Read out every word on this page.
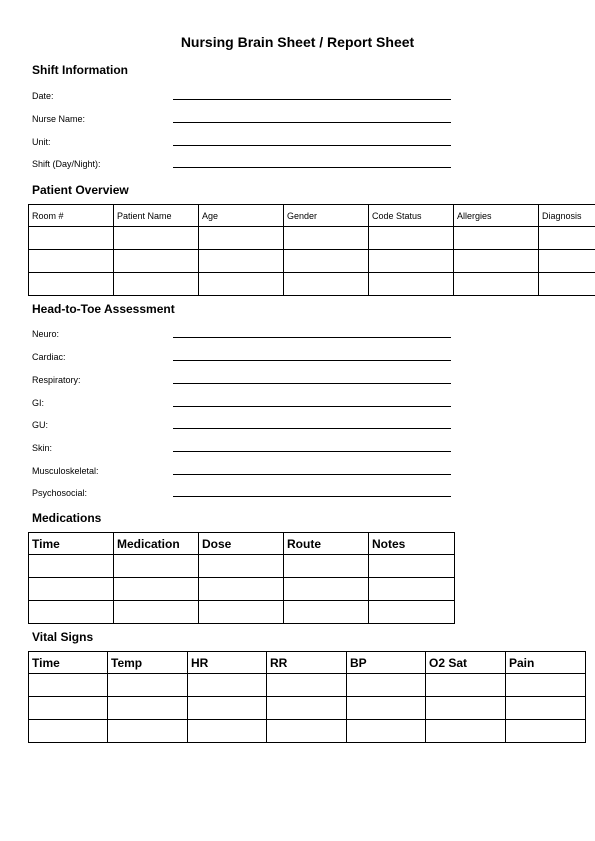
Nursing Brain Sheet / Report Sheet
Shift Information
Date:
Nurse Name:
Unit:
Shift (Day/Night):
Patient Overview
Room #	Patient Name	Age	Gender	Code Status	Allergies	Diagnosis

Head-to-Toe Assessment
Neuro:
Cardiac:
Respiratory:
GI:
GU:
Skin:
Musculoskeletal:
Psychosocial:
Medications
Time	Medication	Dose	Route	Notes

Vital Signs
Time	Temp	HR	RR	BP	O2 Sat	Pain
